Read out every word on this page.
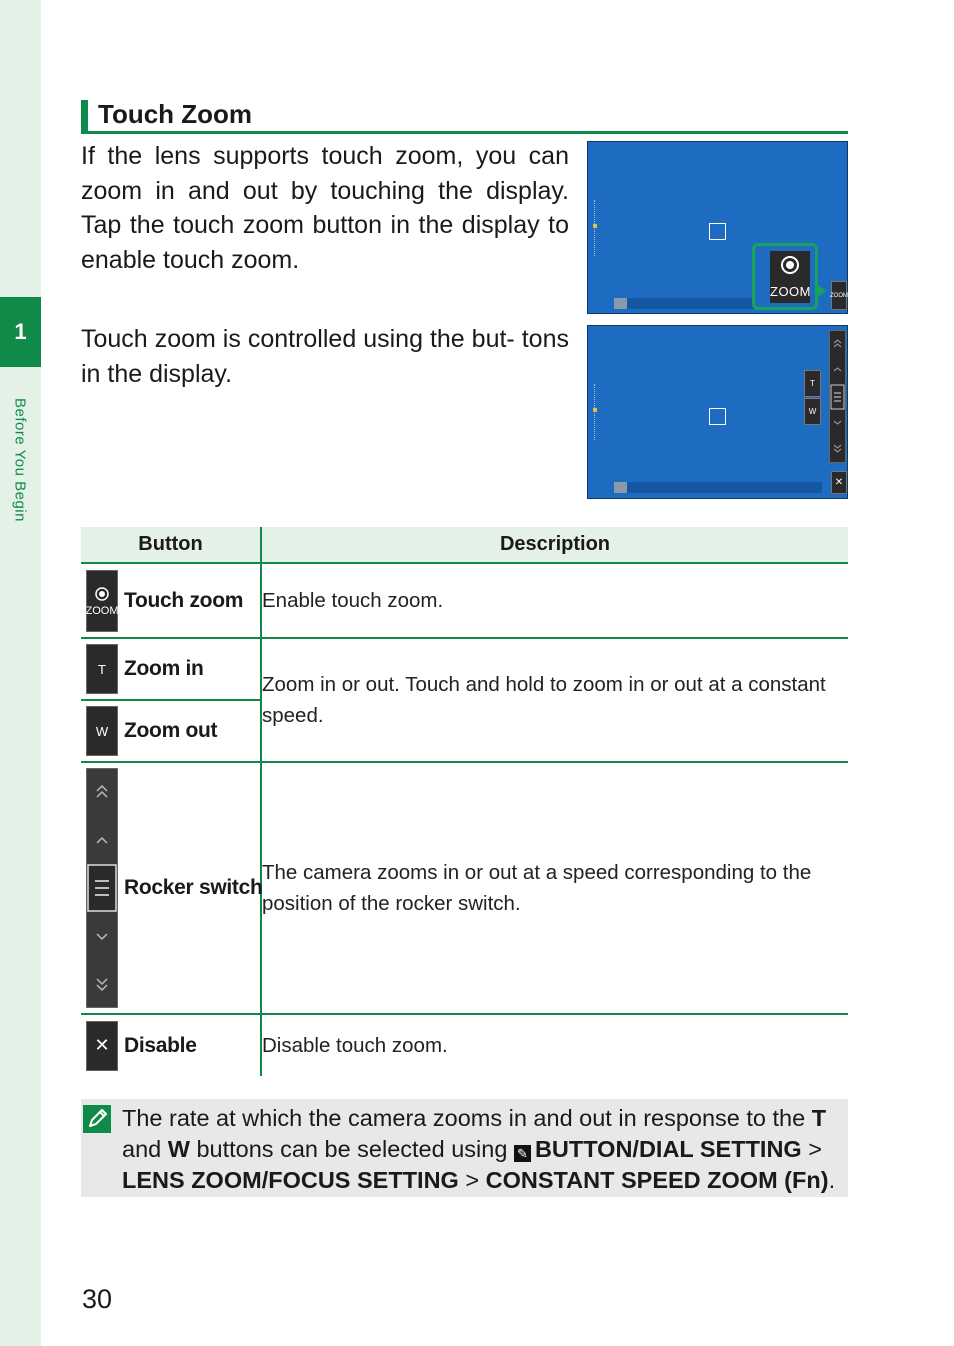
1
Before You Begin
Touch Zoom

If the lens supports touch zoom, you can zoom in and out by touching the display. Tap the touch zoom button in the display to enable touch zoom.

Touch zoom is controlled using the but- tons in the display.

ZOOM	ZOOM
T
W
✕
Button	Description

ZOOM Touch zoom	Enable touch zoom.

T Zoom in	Zoom in or out. Touch and hold to zoom in or out at a constant speed.

W Zoom out	

Rocker switch	The camera zooms in or out at a speed corresponding to the position of the rocker switch.

✕ Disable	Disable touch zoom.

The rate at which the camera zooms in and out in response to the T and W buttons can be selected using ✎ BUTTON/DIAL SETTING > LENS ZOOM/FOCUS SETTING > CONSTANT SPEED ZOOM (Fn).

30
